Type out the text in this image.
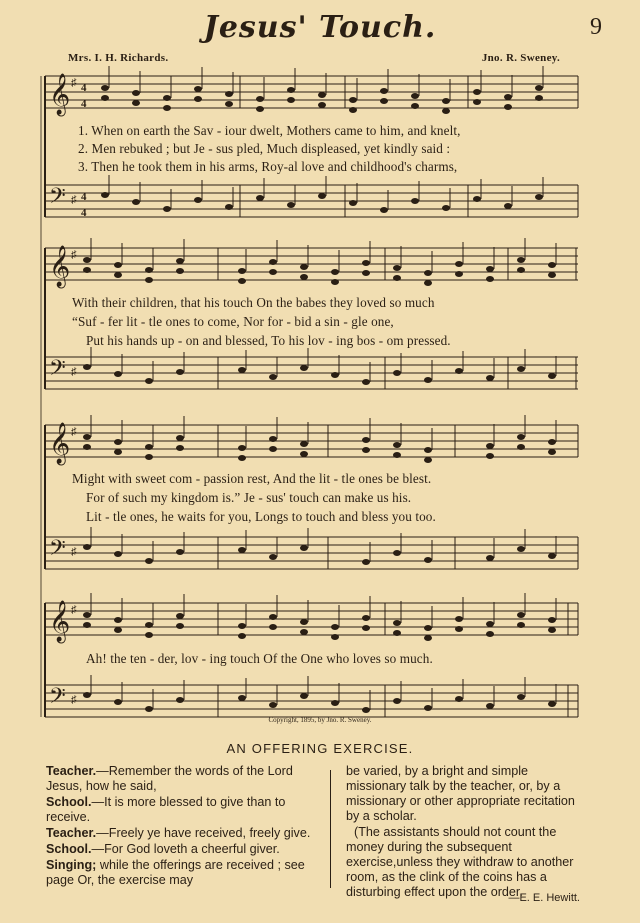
Jesus' Touch.	9
Mrs. I. H. Richards.	Jno. R. Sweney.
𝄞
𝄢
♯
♯
4
4
4
4
𝄞
𝄢
♯
♯
𝄞
𝄢
♯
♯
𝄞
𝄢
♯
♯
1. When on earth the Sav - iour dwelt, Mothers came to him, and knelt,
2. Men rebuked ; but Je - sus pled, Much displeased, yet kindly said :
3. Then he took them in his arms, Roy-al love and childhood's charms,
With their children, that his touch On the babes they loved so much
“Suf - fer lit - tle ones to come, Nor for - bid a sin - gle one,
Put his hands up - on and blessed, To his lov - ing bos - om pressed.
Might with sweet com - passion rest, And the lit - tle ones be blest.
For of such my kingdom is.” Je - sus' touch can make us his.
Lit - tle ones, he waits for you, Longs to touch and bless you too.
Ah! the ten - der, lov - ing touch Of the One who loves so much.
Copyright, 1895, by Jno. R. Sweney.
AN OFFERING EXERCISE.

Teacher.—Remember the words of the Lord Jesus, how he said,

School.—It is more blessed to give than to receive.

Teacher.—Freely ye have received, freely give.

School.—For God loveth a cheerful giver.

Singing; while the offerings are received ; see page Or, the exercise may

be varied, by a bright and simple missionary talk by the teacher, or, by a missionary or other appropriate recitation by a scholar.

(The assistants should not count the money during the subsequent exercise,unless they withdraw to another room, as the clink of the coins has a disturbing effect upon the order.

—E. E. Hewitt.
